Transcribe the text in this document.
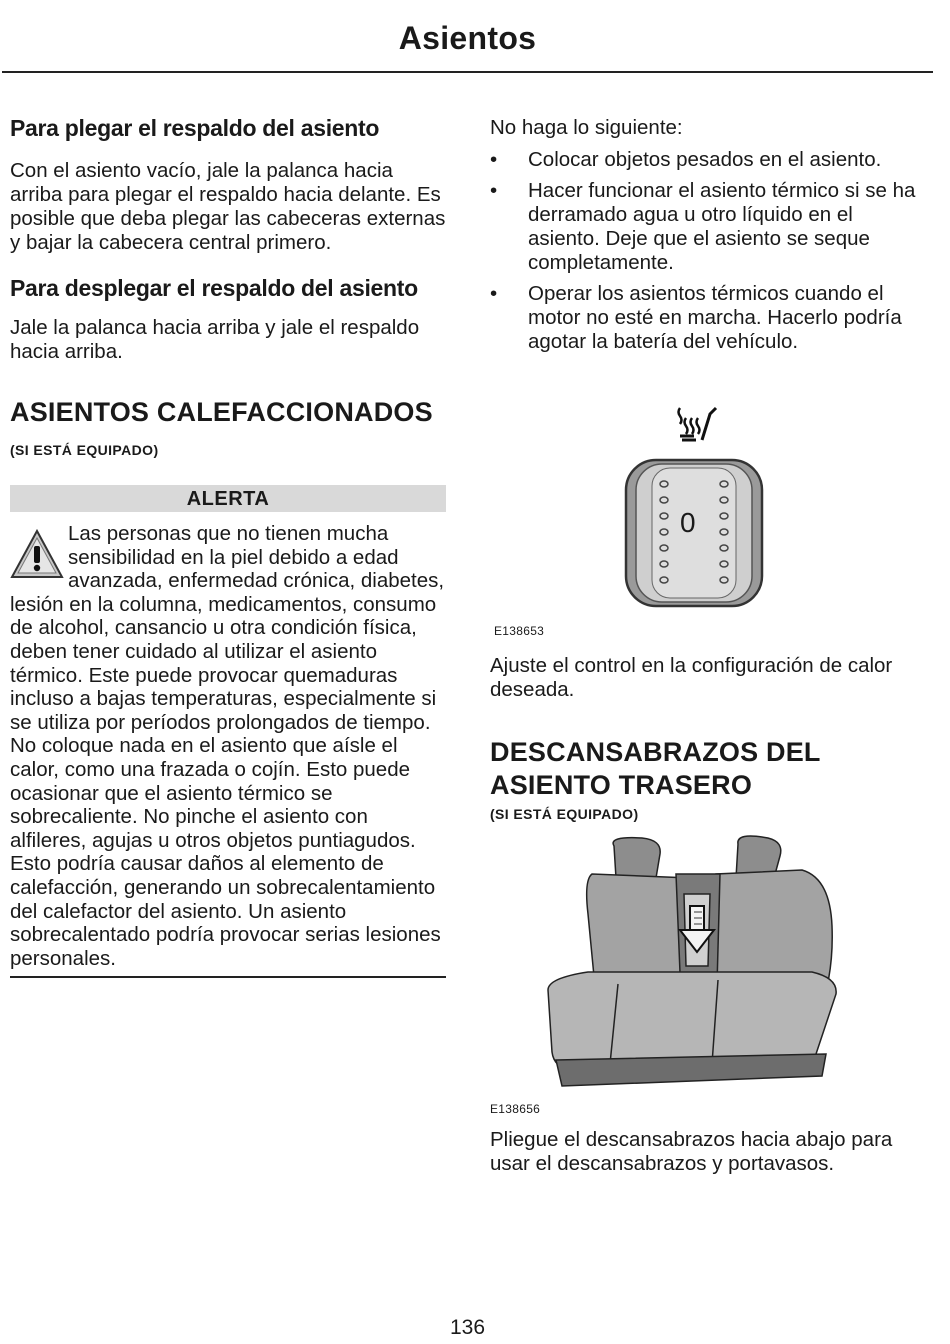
Asientos
Para plegar el respaldo del asiento

Con el asiento vacío, jale la palanca hacia arriba para plegar el respaldo hacia delante. Es posible que deba plegar las cabeceras externas y bajar la cabecera central primero.

Para desplegar el respaldo del asiento

Jale la palanca hacia arriba y jale el respaldo hacia arriba.

ASIENTOS CALEFACCIONADOS

(SI ESTÁ EQUIPADO)

ALERTA
Las personas que no tienen mucha sensibilidad en la piel debido a edad avanzada, enfermedad crónica, diabetes, lesión en la columna, medicamentos, consumo de alcohol, cansancio u otra condición física, deben tener cuidado al utilizar el asiento térmico. Este puede provocar quemaduras incluso a bajas temperaturas, especialmente si se utiliza por períodos prolongados de tiempo. No coloque nada en el asiento que aísle el calor, como una frazada o cojín. Esto puede ocasionar que el asiento térmico se sobrecaliente. No pinche el asiento con alfileres, agujas u otros objetos puntiagudos. Esto podría causar daños al elemento de calefacción, generando un sobrecalentamiento del calefactor del asiento. Un asiento sobrecalentado podría provocar serias lesiones personales.

No haga lo siguiente:

•	Colocar objetos pesados en el asiento.
•	Hacer funcionar el asiento térmico si se ha derramado agua u otro líquido en el asiento. Deje que el asiento se seque completamente.
•	Operar los asientos térmicos cuando el motor no esté en marcha. Hacerlo podría agotar la batería del vehículo.
0
E138653

Ajuste el control en la configuración de calor deseada.

DESCANSABRAZOS DEL ASIENTO TRASERO

(SI ESTÁ EQUIPADO)

E138656

Pliegue el descansabrazos hacia abajo para usar el descansabrazos y portavasos.

136
